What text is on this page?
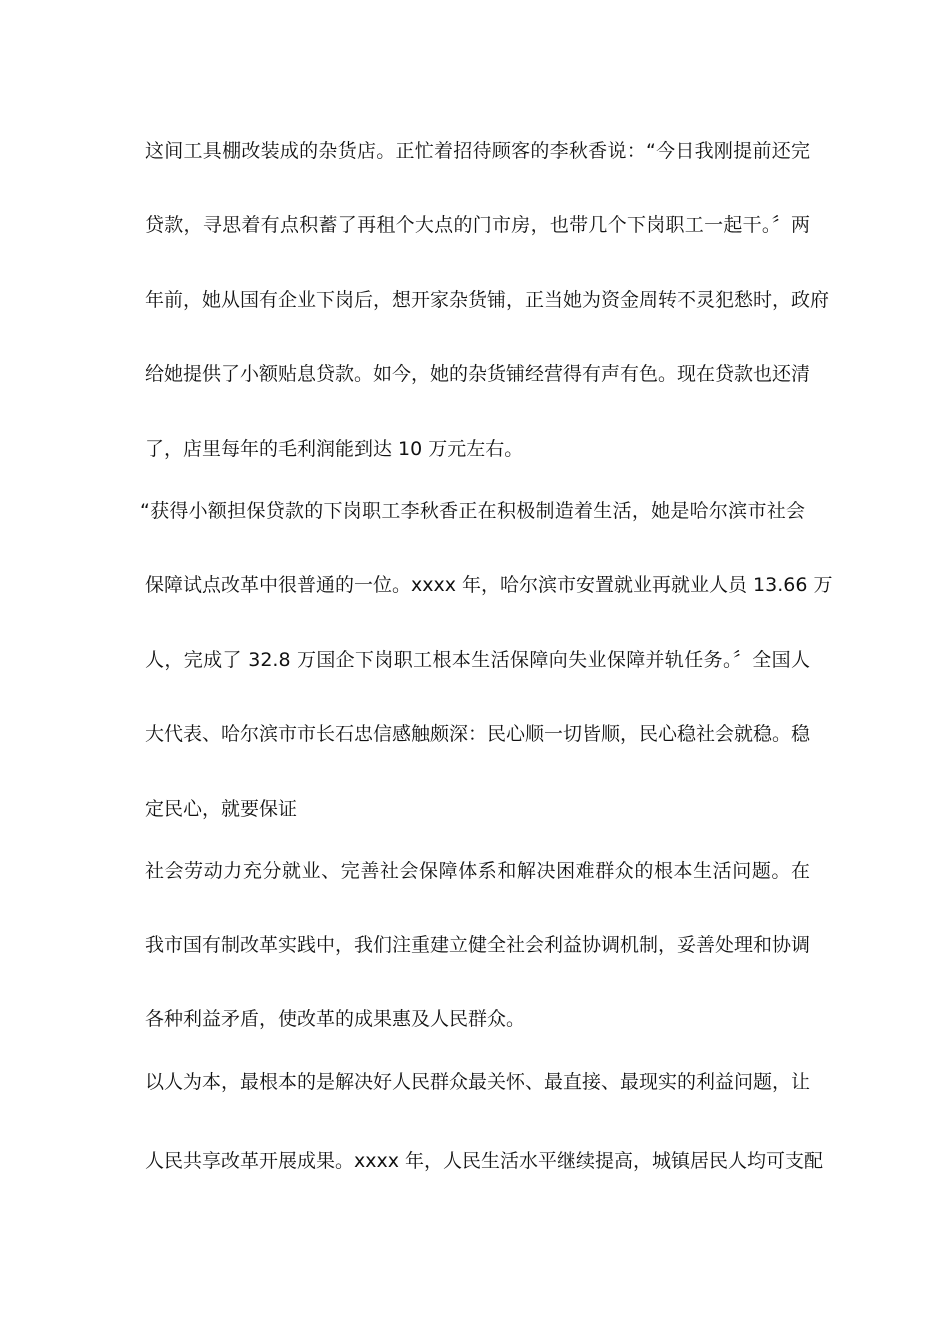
这间工具棚改装成的杂货店。正忙着招待顾客的李秋香说：“今日我刚提前还完

贷款，寻思着有点积蓄了再租个大点的门市房，也带几个下岗职工一起干。〞两

年前，她从国有企业下岗后，想开家杂货铺，正当她为资金周转不灵犯愁时，政府

给她提供了小额贴息贷款。如今，她的杂货铺经营得有声有色。现在贷款也还清

了，店里每年的毛利润能到达 10 万元左右。

“获得小额担保贷款的下岗职工李秋香正在积极制造着生活，她是哈尔滨市社会

保障试点改革中很普通的一位。xxxx 年，哈尔滨市安置就业再就业人员 13.66 万

人，完成了 32.8 万国企下岗职工根本生活保障向失业保障并轨任务。〞全国人

大代表、哈尔滨市市长石忠信感触颇深：民心顺一切皆顺，民心稳社会就稳。稳

定民心，就要保证

社会劳动力充分就业、完善社会保障体系和解决困难群众的根本生活问题。在

我市国有制改革实践中，我们注重建立健全社会利益协调机制，妥善处理和协调

各种利益矛盾，使改革的成果惠及人民群众。

以人为本，最根本的是解决好人民群众最关怀、最直接、最现实的利益问题，让

人民共享改革开展成果。xxxx 年，人民生活水平继续提高，城镇居民人均可支配
